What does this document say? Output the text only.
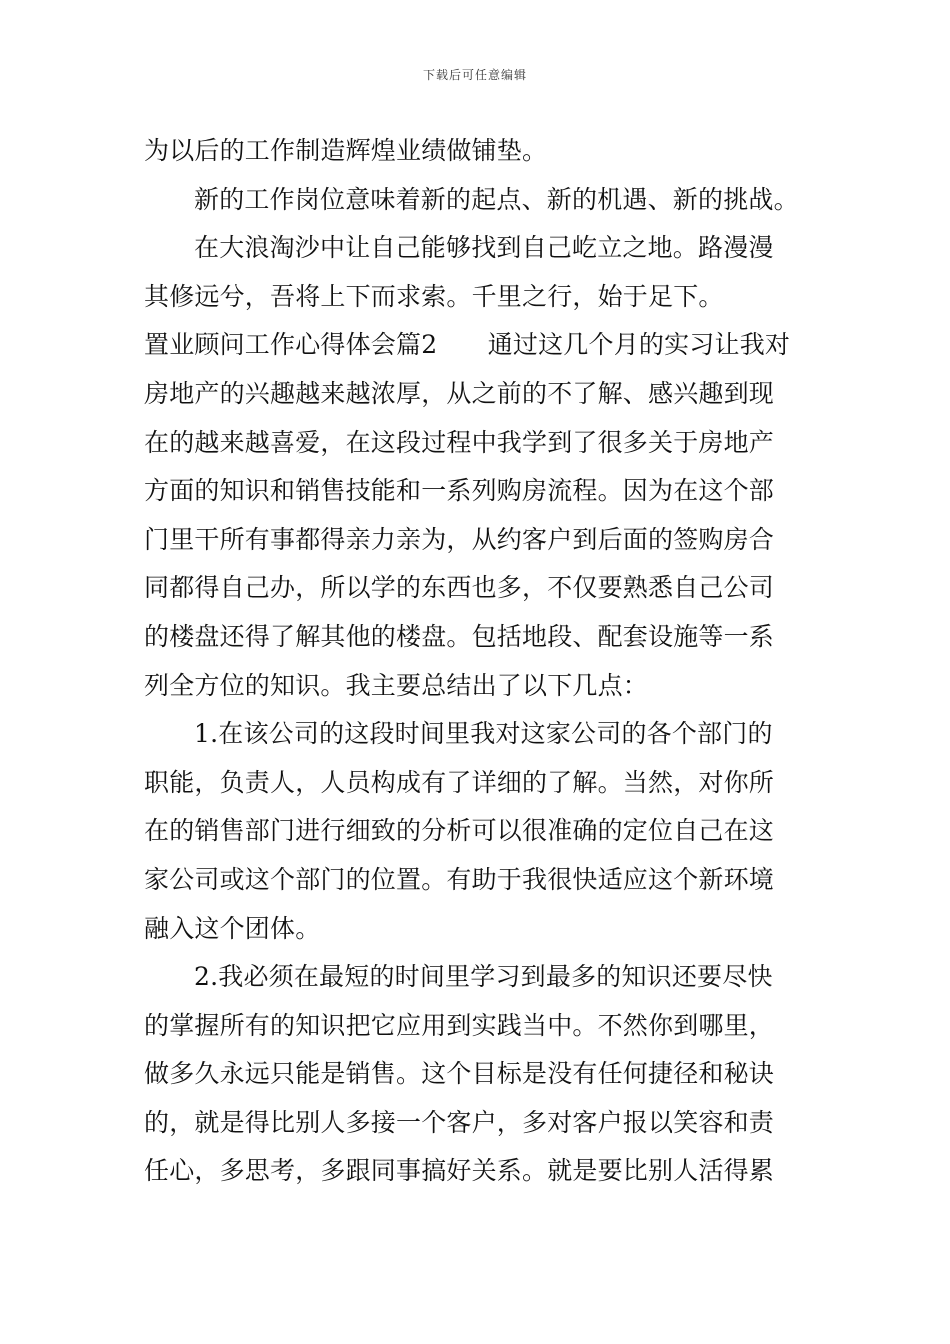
下载后可任意编辑
为以后的工作制造辉煌业绩做铺垫。
新的工作岗位意味着新的起点、新的机遇、新的挑战。
在大浪淘沙中让自己能够找到自己屹立之地。路漫漫
其修远兮，吾将上下而求索。千里之行，始于足下。
置业顾问工作心得体会篇2　　通过这几个月的实习让我对
房地产的兴趣越来越浓厚，从之前的不了解、感兴趣到现
在的越来越喜爱，在这段过程中我学到了很多关于房地产
方面的知识和销售技能和一系列购房流程。因为在这个部
门里干所有事都得亲力亲为，从约客户到后面的签购房合
同都得自己办，所以学的东西也多，不仅要熟悉自己公司
的楼盘还得了解其他的楼盘。包括地段、配套设施等一系
列全方位的知识。我主要总结出了以下几点：
1.在该公司的这段时间里我对这家公司的各个部门的
职能，负责人，人员构成有了详细的了解。当然，对你所
在的销售部门进行细致的分析可以很准确的定位自己在这
家公司或这个部门的位置。有助于我很快适应这个新环境
融入这个团体。
2.我必须在最短的时间里学习到最多的知识还要尽快
的掌握所有的知识把它应用到实践当中。不然你到哪里，
做多久永远只能是销售。这个目标是没有任何捷径和秘诀
的，就是得比别人多接一个客户，多对客户报以笑容和责
任心，多思考，多跟同事搞好关系。就是要比别人活得累
